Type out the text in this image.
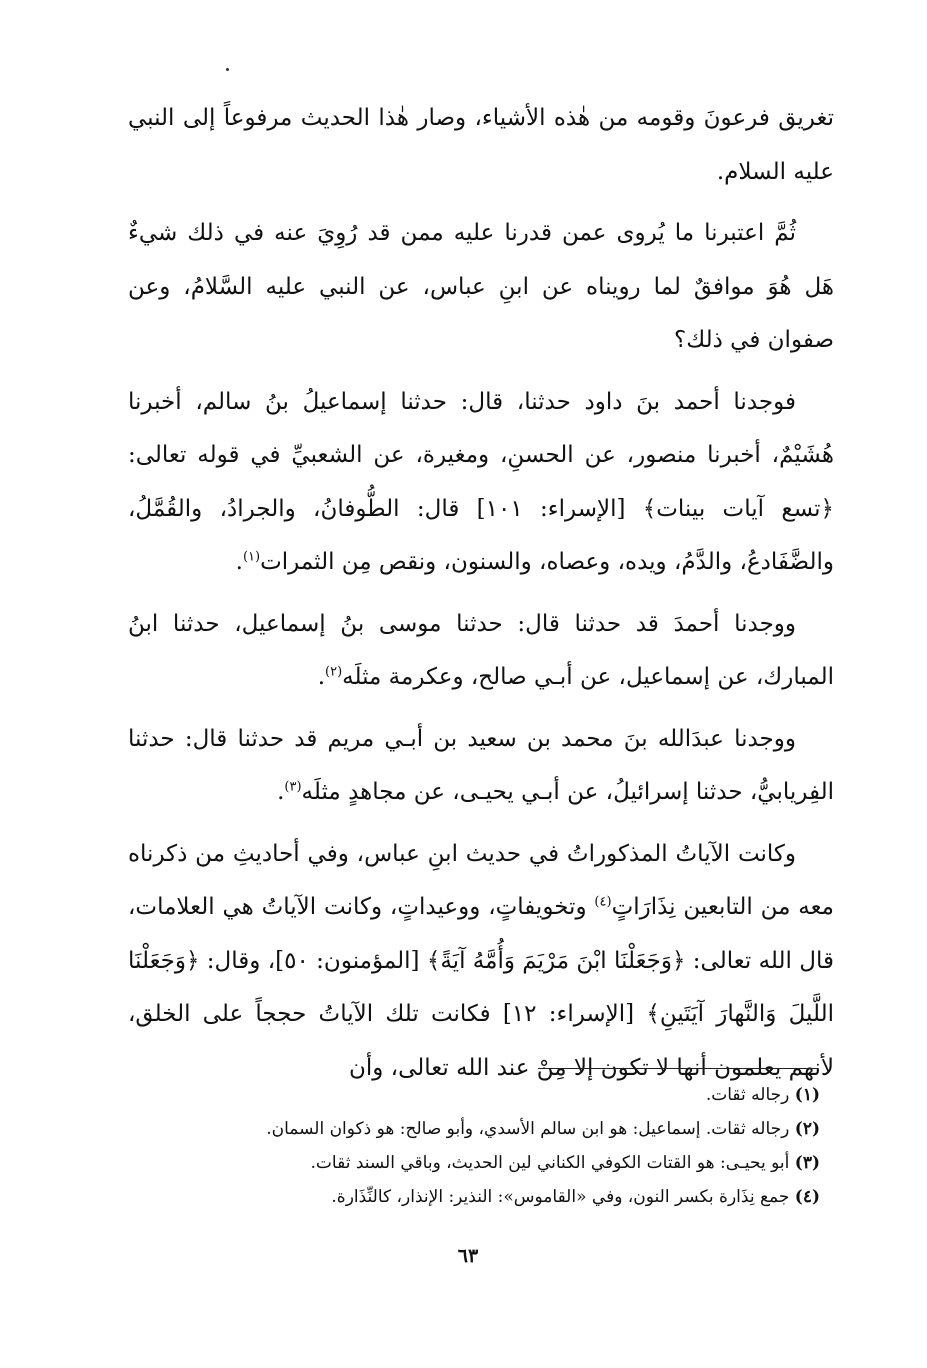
تغريق فرعونَ وقومه من هٰذه الأشياء، وصار هٰذا الحديث مرفوعاً إلى النبي عليه السلام.

ثُمَّ اعتبرنا ما يُروى عمن قدرنا عليه ممن قد رُوِيَ عنه في ذلك شيءٌ هَل هُوَ موافقٌ لما رويناه عن ابنِ عباس، عن النبي عليه السَّلامُ، وعن صفوان في ذلك؟

فوجدنا أحمد بنَ داود حدثنا، قال: حدثنا إسماعيلُ بنُ سالم، أخبرنا هُشَيْمٌ، أخبرنا منصور، عن الحسنِ، ومغيرة، عن الشعبيِّ في قوله تعالى: ﴿تسع آيات بينات﴾ [الإسراء: ١٠١] قال: الطُّوفانُ، والجرادُ، والقُمَّلُ، والضَّفَادعُ، والدَّمُ، ويده، وعصاه، والسنون، ونقص مِن الثمرات$^{(١)}$.

ووجدنا أحمدَ قد حدثنا قال: حدثنا موسى بنُ إسماعيل، حدثنا ابنُ المبارك، عن إسماعيل، عن أبـي صالح، وعكرمة مثلَه$^{(٢)}$.

ووجدنا عبدَالله بنَ محمد بن سعيد بن أبـي مريم قد حدثنا قال: حدثنا الفِريابيُّ، حدثنا إسرائيلُ، عن أبـي يحيـى، عن مجاهدٍ مثلَه$^{(٣)}$.

وكانت الآياتُ المذكوراتُ في حديث ابنِ عباس، وفي أحاديثِ من ذكرناه معه من التابعين نِذَارَاتٍ$^{(٤)}$ وتخويفاتٍ، ووعيداتٍ، وكانت الآياتُ هي العلامات، قال الله تعالى: ﴿وَجَعَلْنَا ابْنَ مَرْيَمَ وَأُمَّهُ آيَةً﴾ [المؤمنون: ٥٠]، وقال: ﴿وَجَعَلْنَا اللَّيلَ وَالنَّهارَ آيَتَينِ﴾ [الإسراء: ١٢] فكانت تلك الآياتُ حججاً على الخلق، لأنهم يعلمون أنها لا تكون إلا مِنْ عند الله تعالى، وأن

(١) رجاله ثقات.
(٢) رجاله ثقات. إسماعيل: هو ابن سالم الأسدي، وأبو صالح: هو ذكوان السمان.
(٣) أبو يحيـى: هو القتات الكوفي الكناني لين الحديث، وباقي السند ثقات.
(٤) جمع نِذَارة بكسر النون، وفي «القاموس»: النذير: الإنذار، كالنِّذَارة.
٦٣
